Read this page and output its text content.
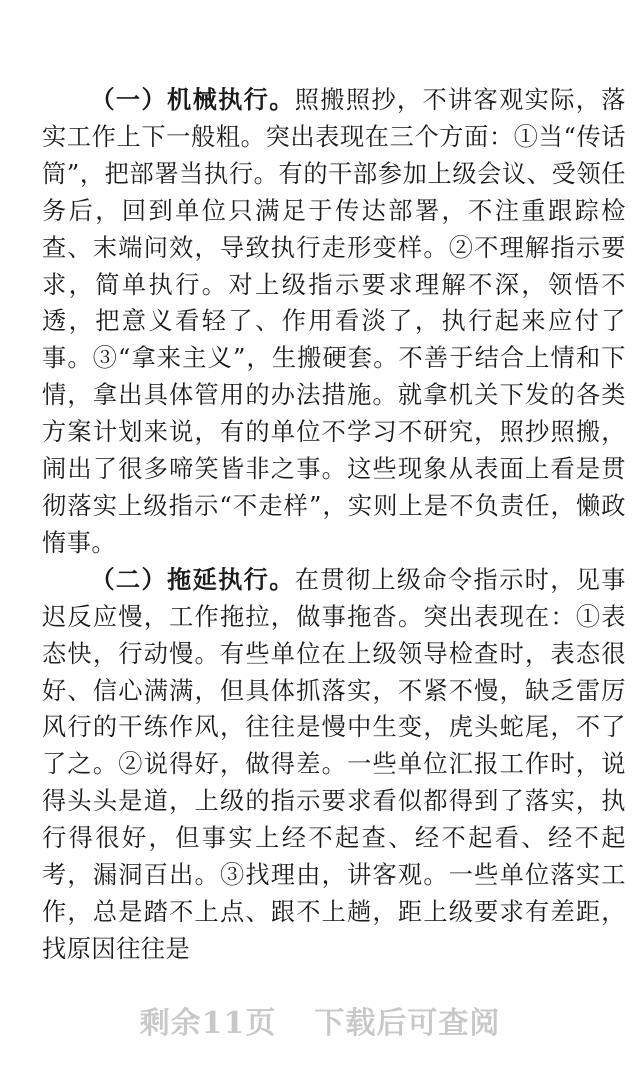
（一）机械执行。照搬照抄，不讲客观实际，落实工作上下一般粗。突出表现在三个方面：①当“传话筒”，把部署当执行。有的干部参加上级会议、受领任务后，回到单位只满足于传达部署，不注重跟踪检查、末端问效，导致执行走形变样。②不理解指示要求，简单执行。对上级指示要求理解不深，领悟不透，把意义看轻了、作用看淡了，执行起来应付了事。③“拿来主义”，生搬硬套。不善于结合上情和下情，拿出具体管用的办法措施。就拿机关下发的各类方案计划来说，有的单位不学习不研究，照抄照搬，闹出了很多啼笑皆非之事。这些现象从表面上看是贯彻落实上级指示“不走样”，实则上是不负责任，懒政惰事。

（二）拖延执行。在贯彻上级命令指示时，见事迟反应慢，工作拖拉，做事拖沓。突出表现在：①表态快，行动慢。有些单位在上级领导检查时，表态很好、信心满满，但具体抓落实，不紧不慢，缺乏雷厉风行的干练作风，往往是慢中生变，虎头蛇尾，不了了之。②说得好，做得差。一些单位汇报工作时，说得头头是道，上级的指示要求看似都得到了落实，执行得很好，但事实上经不起查、经不起看、经不起考，漏洞百出。③找理由，讲客观。一些单位落实工作，总是踏不上点、跟不上趟，距上级要求有差距，找原因往往是

剩余11页 下载后可查阅
